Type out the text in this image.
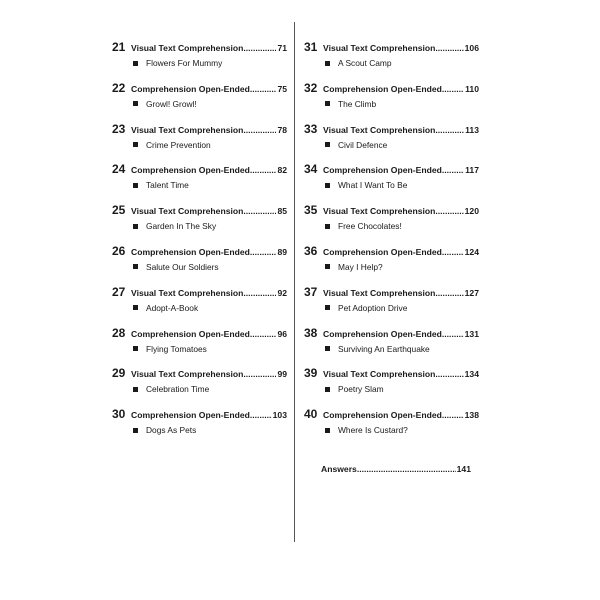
21 Visual Text Comprehension .....	71
Flowers For Mummy
22 Comprehension Open-Ended .....	75
Growl! Growl!
23 Visual Text Comprehension .....	78
Crime Prevention
24 Comprehension Open-Ended .....	82
Talent Time
25 Visual Text Comprehension .....	85
Garden In The Sky
26 Comprehension Open-Ended .....	89
Salute Our Soldiers
27 Visual Text Comprehension .....	92
Adopt-A-Book
28 Comprehension Open-Ended .....	96
Flying Tomatoes
29 Visual Text Comprehension .....	99
Celebration Time
30 Comprehension Open-Ended .....	103
Dogs As Pets
31 Visual Text Comprehension .....	106
A Scout Camp
32 Comprehension Open-Ended .....	110
The Climb
33 Visual Text Comprehension .....	113
Civil Defence
34 Comprehension Open-Ended .....	117
What I Want To Be
35 Visual Text Comprehension .....	120
Free Chocolates!
36 Comprehension Open-Ended .....	124
May I Help?
37 Visual Text Comprehension .....	127
Pet Adoption Drive
38 Comprehension Open-Ended .....	131
Surviving An Earthquake
39 Visual Text Comprehension .....	134
Poetry Slam
40 Comprehension Open-Ended .....	138
Where Is Custard?
Answers .....	141
